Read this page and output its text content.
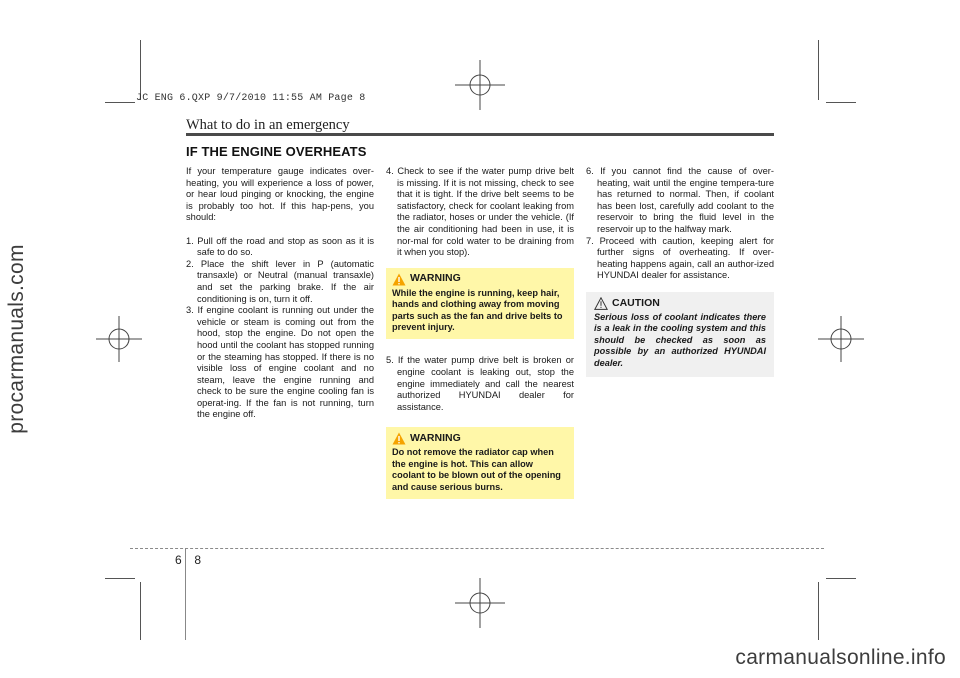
JC ENG 6.QXP 9/7/2010 11:55 AM Page 8
procarmanuals.com
carmanualsonline.info
What to do in an emergency
IF THE ENGINE OVERHEATS

If your temperature gauge indicates over-heating, you will experience a loss of power, or hear loud pinging or knocking, the engine is probably too hot. If this hap-pens, you should:

1. Pull off the road and stop as soon as it is safe to do so.

2. Place the shift lever in P (automatic transaxle) or Neutral (manual transaxle) and set the parking brake. If the air conditioning is on, turn it off.

3. If engine coolant is running out under the vehicle or steam is coming out from the hood, stop the engine. Do not open the hood until the coolant has stopped running or the steaming has stopped. If there is no visible loss of engine coolant and no steam, leave the engine running and check to be sure the engine cooling fan is operat-ing. If the fan is not running, turn the engine off.

4. Check to see if the water pump drive belt is missing. If it is not missing, check to see that it is tight. If the drive belt seems to be satisfactory, check for coolant leaking from the radiator, hoses or under the vehicle. (If the air conditioning had been in use, it is nor-mal for cold water to be draining from it when you stop).

WARNING
While the engine is running, keep hair, hands and clothing away from moving parts such as the fan and drive belts to prevent injury.

5. If the water pump drive belt is broken or engine coolant is leaking out, stop the engine immediately and call the nearest authorized HYUNDAI dealer for assistance.

WARNING
Do not remove the radiator cap when the engine is hot. This can allow coolant to be blown out of the opening and cause serious burns.

6. If you cannot find the cause of over-heating, wait until the engine tempera-ture has returned to normal. Then, if coolant has been lost, carefully add coolant to the reservoir to bring the fluid level in the reservoir up to the halfway mark.

7. Proceed with caution, keeping alert for further signs of overheating. If over-heating happens again, call an author-ized HYUNDAI dealer for assistance.

CAUTION
Serious loss of coolant indicates there is a leak in the cooling system and this should be checked as soon as possible by an authorized HYUNDAI dealer.
6 8
